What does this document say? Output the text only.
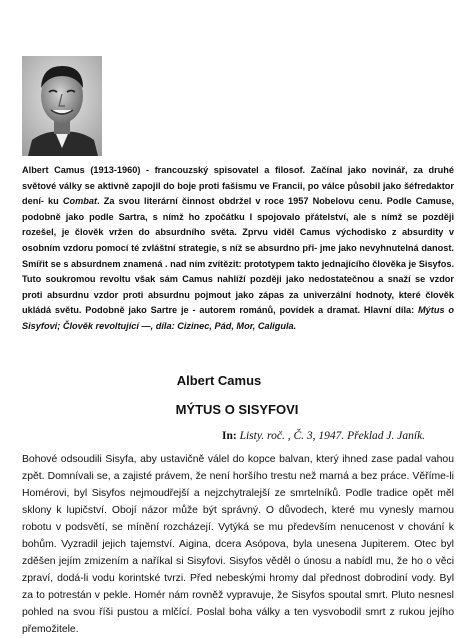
Albert Camus (1913-1960) - francouzský spisovatel a filosof. Začínal jako novinář, za druhé světové války se aktivně zapojil do boje proti fašismu ve Francii, po válce působil jako šéfredaktor dení- ku Combat. Za svou literární činnost obdržel v roce 1957 Nobelovu cenu. Podle Camuse, podobně jako podle Sartra, s nímž ho zpočátku I spojovalo přátelství, ale s nímž se později rozešel, je člověk vržen do absurdního světa. Zprvu viděl Camus východisko z absurdity v osobním vzdoru pomocí té zvláštní strategie, s níž se absurdno při- jme jako nevyhnutelná danost. Smířit se s absurdnem znamená . nad ním zvítězit: prototypem takto jednajícího člověka je Sisyfos. Tuto soukromou revoltu však sám Camus nahlíží později jako nedostatečnou a snaží se vzdor proti absurdnu vzdor proti absurdnu pojmout jako zápas za univerzální hodnoty, které člověk ukládá světu. Podobně jako Sartre je - autorem románů, povídek a dramat. Hlavní díla: Mýtus o Sisyfovi; Člověk revoltující —, díla: Cizinec, Pád, Mor, Caligula.

Albert Camus

MÝTUS O SISYFOVI

In: Listy. roč. , Č. 3, 1947. Překlad J. Janík.

Bohové odsoudili Sisyfa, aby ustavičně válel do kopce balvan, který ihned zase padal vahou zpět. Domnívali se, a zajisté právem, že není horšího trestu než marná a bez práce. Věříme-li Homérovi, byl Sisyfos nejmoudřejší a nejzchytralejší ze smrtelníků. Podle tradice opět měl sklony k lupičství. Obojí názor může být správný. O důvodech, které mu vynesly marnou robotu v podsvětí, se mínění rozcházejí. Vytýká se mu především nenucenost v chování k bohům. Vyzradil jejich tajemství. Aigina, dcera Asópova, byla unesena Jupiterem. Otec byl zděšen jejím zmizením a naříkal si Sisyfovi. Sisyfos věděl o únosu a nabídl mu, že ho o věci zpraví, dodá-li vodu korintské tvrzi. Před nebeskými hromy dal přednost dobrodiní vody. Byl za to potrestán v pekle. Homér nám rovněž vypravuje, že Sisyfos spoutal smrt. Pluto nesnesl pohled na svou říši pustou a mlčící. Poslal boha války a ten vysvobodil smrt z rukou jejího přemožitele.
